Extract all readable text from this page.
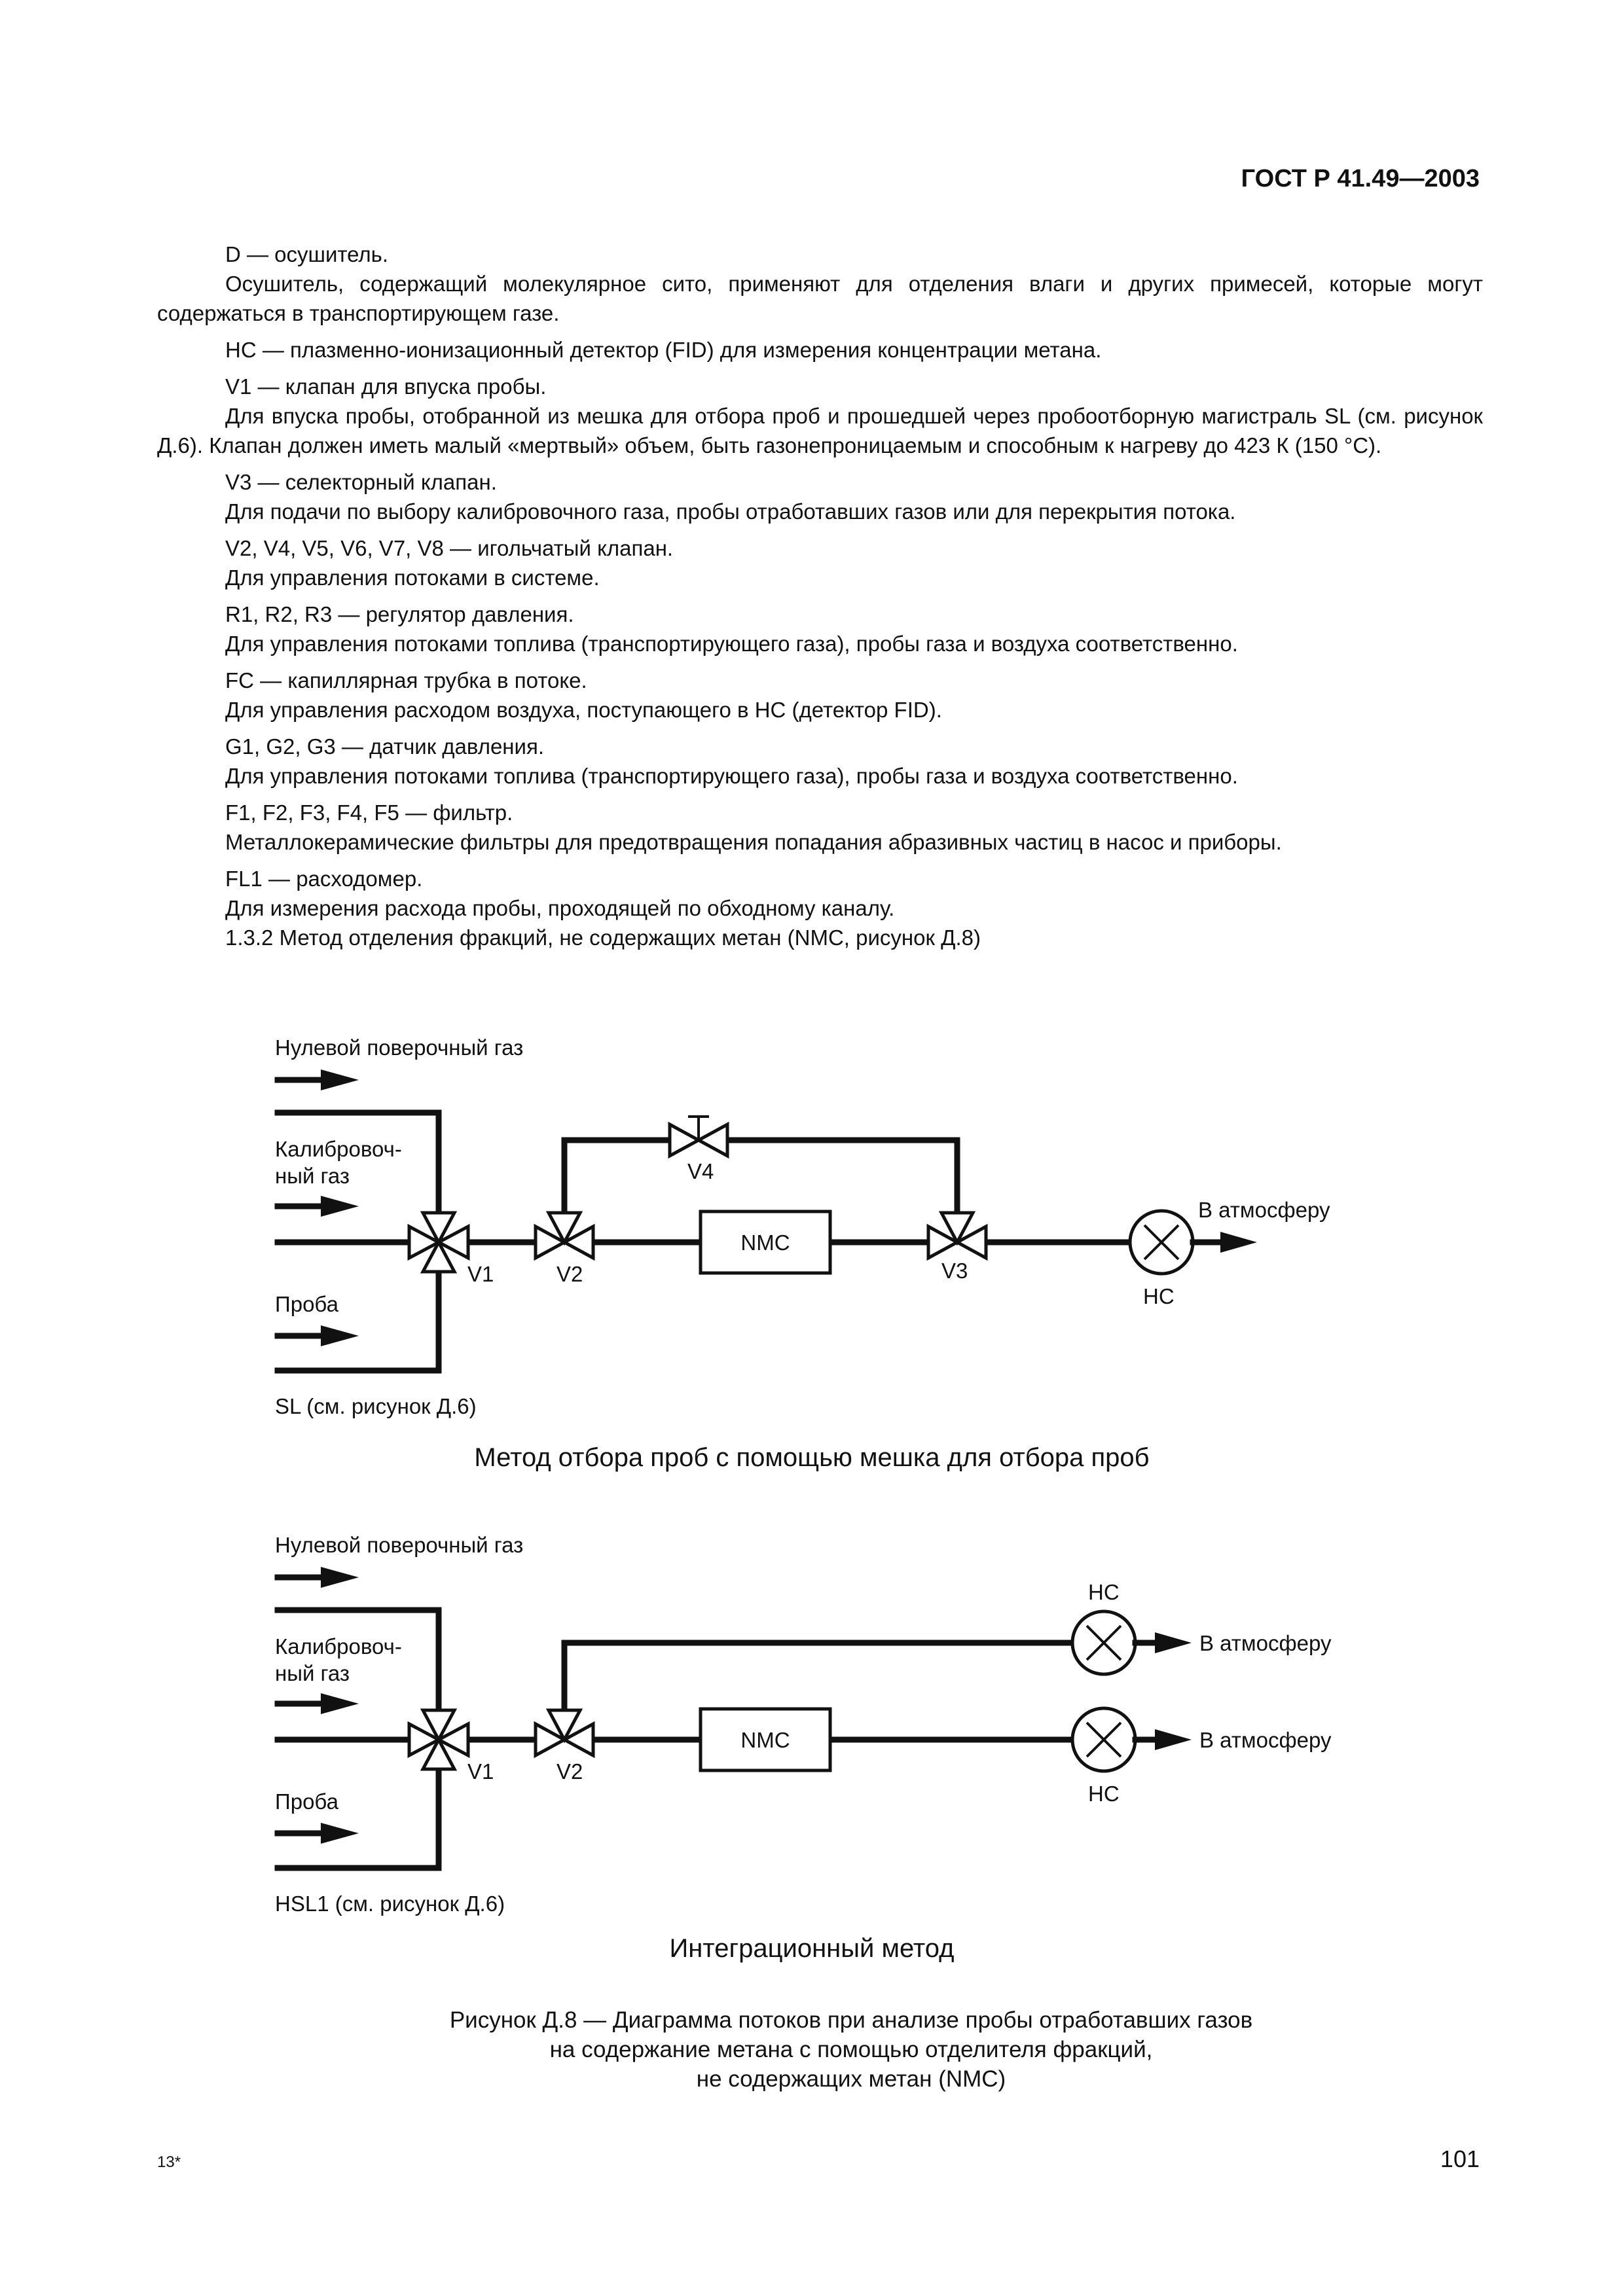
ГОСТ Р 41.49—2003

D — осушитель.

Осушитель, содержащий молекулярное сито, применяют для отделения влаги и других примесей, которые могут содержаться в транспортирующем газе.

HC — плазменно-ионизационный детектор (FID) для измерения концентрации метана.

V1 — клапан для впуска пробы.

Для впуска пробы, отобранной из мешка для отбора проб и прошедшей через пробоотборную магистраль SL (см. рисунок Д.6). Клапан должен иметь малый «мертвый» объем, быть газонепроницаемым и способным к нагреву до 423 К (150 °C).

V3 — селекторный клапан.

Для подачи по выбору калибровочного газа, пробы отработавших газов или для перекрытия потока.

V2, V4, V5, V6, V7, V8 — игольчатый клапан.

Для управления потоками в системе.

R1, R2, R3 — регулятор давления.

Для управления потоками топлива (транспортирующего газа), пробы газа и воздуха соответственно.

FC — капиллярная трубка в потоке.

Для управления расходом воздуха, поступающего в HC (детектор FID).

G1, G2, G3 — датчик давления.

Для управления потоками топлива (транспортирующего газа), пробы газа и воздуха соответственно.

F1, F2, F3, F4, F5 — фильтр.

Металлокерамические фильтры для предотвращения попадания абразивных частиц в насос и приборы.

FL1 — расходомер.

Для измерения расхода пробы, проходящей по обходному каналу.

1.3.2 Метод отделения фракций, не содержащих метан (NMC, рисунок Д.8)

Нулевой поверочный газ
Калибровоч-
ный газ
Проба
V1	V2
V4
NMC
V3
HC
В атмосферу
SL (см. рисунок Д.6)
Метод отбора проб с помощью мешка для отбора проб
Нулевой поверочный газ
Калибровоч-
ный газ
Проба
V1	V2
NMC
HC
В атмосферу
В атмосферу
HC
HSL1 (см. рисунок Д.6)
Интеграционный метод
Рисунок Д.8 — Диаграмма потоков при анализе пробы отработавших газов
на содержание метана с помощью отделителя фракций,
не содержащих метан (NMC)
13*	101
